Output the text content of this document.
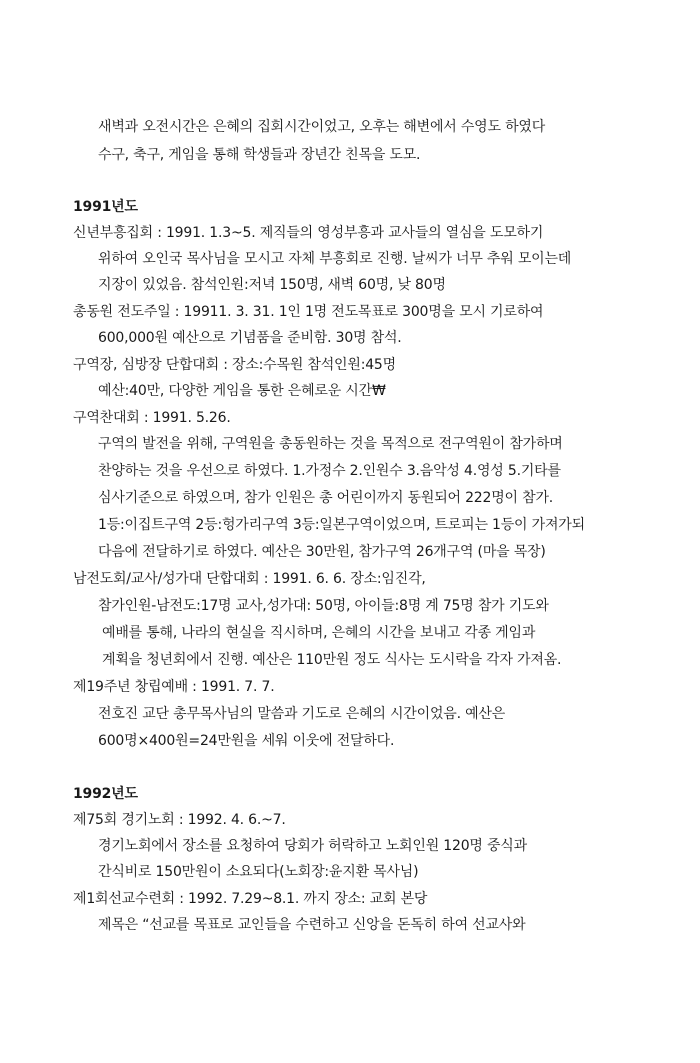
새벽과 오전시간은 은혜의 집회시간이었고, 오후는 해변에서 수영도 하였다
수구, 축구, 게임을 통해 학생들과 장년간 친목을 도모.
1991년도
신년부흥집회 : 1991. 1.3~5. 제직들의 영성부흥과 교사들의 열심을 도모하기
위하여 오인국 목사님을 모시고 자체 부흥회로 진행. 날씨가 너무 추워 모이는데
지장이 있었음. 참석인원:저녁 150명, 새벽 60명, 낮 80명
총동원 전도주일 : 19911. 3. 31. 1인 1명 전도목표로 300명을 모시 기로하여
600,000원 예산으로 기념품을 준비함. 30명 참석.
구역장, 심방장 단합대회 : 장소:수목원 참석인원:45명
예산:40만, 다양한 게임을 통한 은혜로운 시간₩
구역찬대회 : 1991. 5.26.
구역의 발전을 위해, 구역원을 총동원하는 것을 목적으로 전구역원이 참가하며
찬양하는 것을 우선으로 하였다. 1.가정수 2.인원수 3.음악성 4.영성 5.기타를
심사기준으로 하였으며, 참가 인원은 총 어린이까지 동원되어 222명이 참가.
1등:이집트구역 2등:헝가리구역 3등:일본구역이었으며, 트로피는 1등이 가져가되
다음에 전달하기로 하였다. 예산은 30만원, 참가구역 26개구역 (마을 목장)
남전도회/교사/성가대 단합대회 : 1991. 6. 6. 장소:임진각,
참가인원-남전도:17명 교사,성가대: 50명, 아이들:8명 계 75명 참가 기도와
예배를 통해, 나라의 현실을 직시하며, 은혜의 시간을 보내고 각종 게임과
계획을 청년회에서 진행. 예산은 110만원 정도 식사는 도시락을 각자 가져옴.
제19주년 창립예배 : 1991. 7. 7.
전호진 교단 총무목사님의 말씀과 기도로 은혜의 시간이었음. 예산은
600명×400원=24만원을 세워 이웃에 전달하다.
1992년도
제75회 경기노회 : 1992. 4. 6.~7.
경기노회에서 장소를 요청하여 당회가 허락하고 노회인원 120명 중식과
간식비로 150만원이 소요되다(노회장:윤지환 목사님)
제1회선교수련회 : 1992. 7.29~8.1. 까지 장소: 교회 본당
제목은 “선교를 목표로 교인들을 수련하고 신앙을 돈독히 하여 선교사와
